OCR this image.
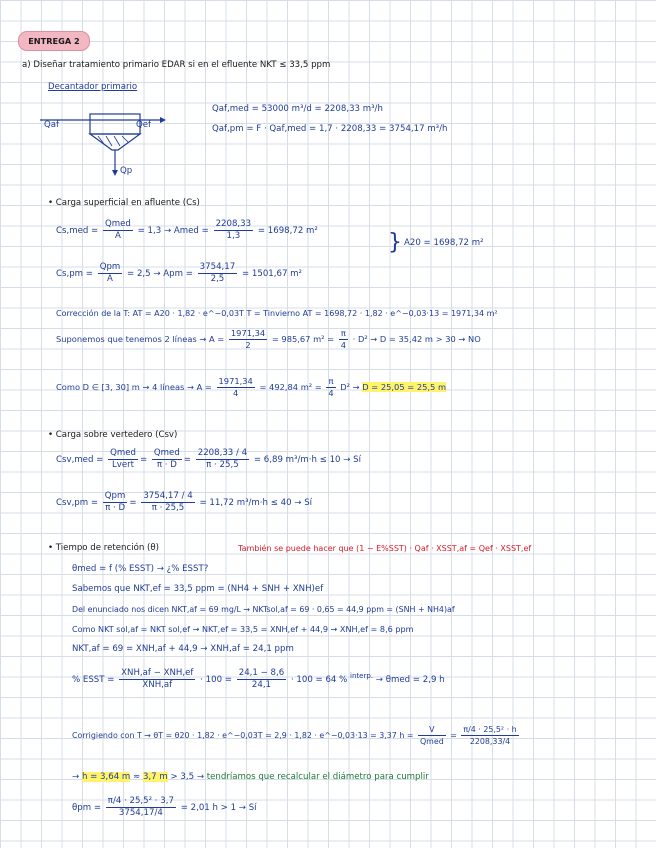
ENTREGA 2
a) Diseñar tratamiento primario EDAR si en el efluente NKT ≤ 33,5 ppm
Decantador primario
Qaf	Qef
Qp
Qaf,med = 53000 m³/d = 2208,33 m³/h
Qaf,pm = F · Qaf,med = 1,7 · 2208,33 = 3754,17 m³/h
• Carga superficial en afluente (Cs)
$Cs,med = \frac{\text{Qmed}}{A} = 1,3$ → Amed = $\frac{2208,33}{1,3} = 1698,72$ m²
$Cs,pm = \frac{\text{Qpm}}{A} = 2,5$ → Apm = $\frac{3754,17}{2,5} = 1501,67$ m²
} A20 = 1698,72 m²
Corrección de la T: AT = A20 · 1,82 · e^−0,03T T = Tinvierno AT = 1698,72 · 1,82 · e^−0,03·13 = 1971,34 m²
Suponemos que tenemos 2 líneas → $A = \frac{1971,34}{2} = 985,67$ $m^2 = \frac{\pi}{4} \cdot D^2 \to D = 35,42$ m > 30 → NO
Como D ∈ [3, 30] m → 4 líneas → $A = \frac{1971,34}{4} = 492,84$ $m^2 = \frac{\pi}{4} D^2 \to D = 25,05 = 25,5$ m
• Carga sobre vertedero (Csv)
$Csv,med = \frac{\text{Qmed}}{\text{Lvert}} = \frac{\text{Qmed}}{\pi \cdot D} = \frac{2208,33 / 4}{\pi \cdot 25,5} = 6,89$ m³/m·h ≤ 10 → Sí
$Csv,pm = \frac{\text{Qpm}}{\pi \cdot D} = \frac{3754,17 / 4}{\pi \cdot 25,5} = 11,72$ m³/m·h ≤ 40 → Sí
• Tiempo de retención (θ)	También se puede hacer que (1 − E%SST) · Qaf · XSST,af = Qef · XSST,ef
θmed = f (% ESST) → ¿% ESST?
Sabemos que NKT,ef = 33,5 ppm = (NH4 + SNH + XNH)ef
Del enunciado nos dicen NKT,af = 69 mg/L → NKTsol,af = 69 · 0,65 = 44,9 ppm = (SNH + NH4)af
Como NKT sol,af = NKT sol,ef → NKT,ef = 33,5 = XNH,ef + 44,9 → XNH,ef = 8,6 ppm
NKT,af = 69 = XNH,af + 44,9 → XNH,af = 24,1 ppm
% ESST = $\frac{\text{XNH,af − XNH,ef}}{\text{XNH,af}} \cdot 100 = \frac{24,1 - 8,6}{24,1} \cdot 100 = 64$ % $^{interp.}$ → θmed = 2,9 h
Corrigiendo con T → θT = θ20 · 1,82 · e^−0,03T = 2,9 · 1,82 · e^−0,03·13 = 3,37 $h = \frac{V}{\text{Qmed}} = \frac{\text{π/4 · 25,5² · h}}{2208,33/4}$
→ h = 3,64 m ≈ 3,7 m > 3,5 → tendríamos que recalcular el diámetro para cumplir
$\theta pm = \frac{\text{π/4 · 25,5² · 3,7}}{3754,17/4} = 2,01$ h > 1 → Sí
